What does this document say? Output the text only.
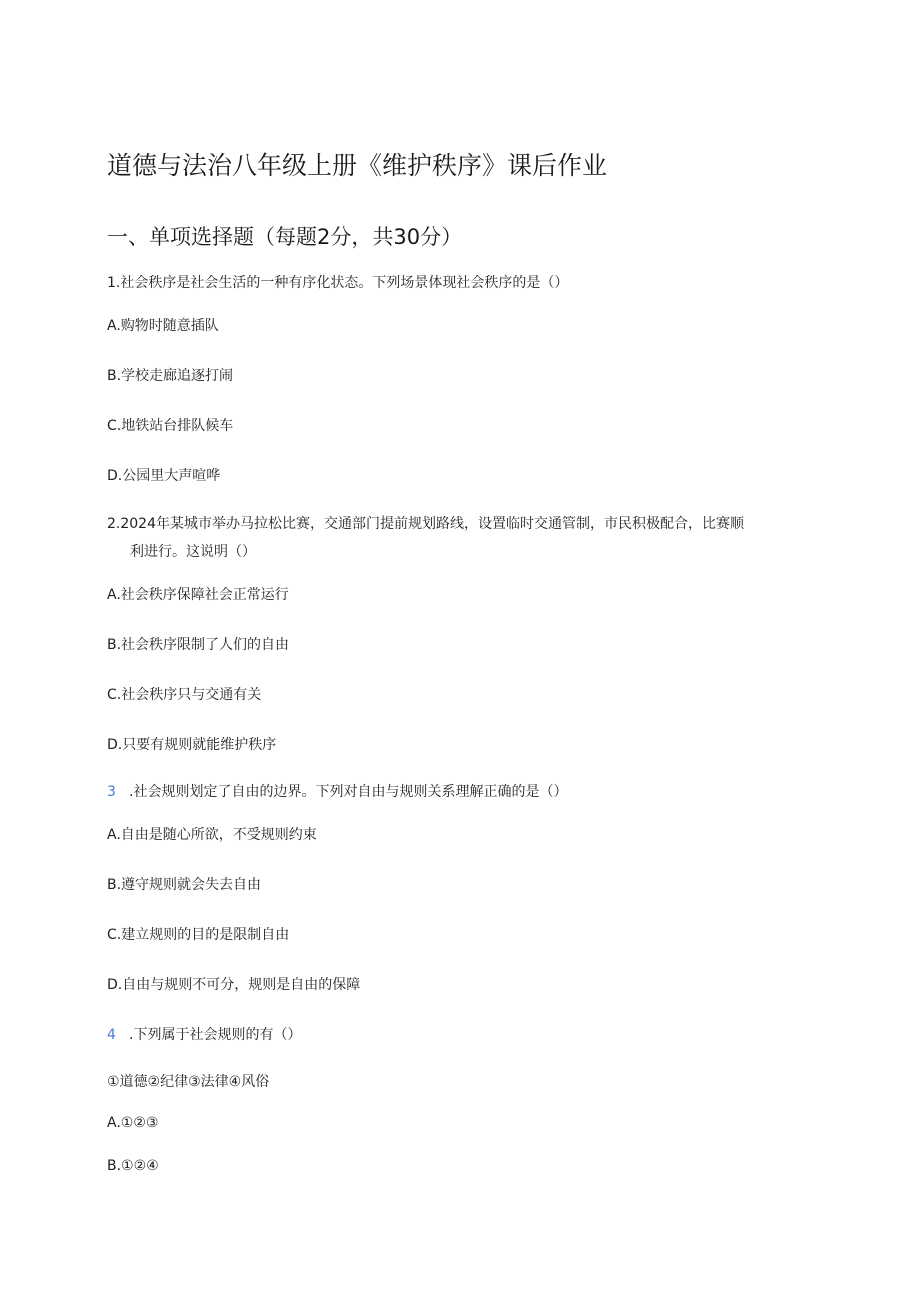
道德与法治八年级上册《维护秩序》课后作业
一、单项选择题（每题2分，共30分）
1.社会秩序是社会生活的一种有序化状态。下列场景体现社会秩序的是（）
A.购物时随意插队
B.学校走廊追逐打闹
C.地铁站台排队候车
D.公园里大声喧哗
2.2024年某城市举办马拉松比赛，交通部门提前规划路线，设置临时交通管制，市民积极配合，比赛顺
利进行。这说明（）
A.社会秩序保障社会正常运行
B.社会秩序限制了人们的自由
C.社会秩序只与交通有关
D.只要有规则就能维护秩序
3 .社会规则划定了自由的边界。下列对自由与规则关系理解正确的是（）
A.自由是随心所欲，不受规则约束
B.遵守规则就会失去自由
C.建立规则的目的是限制自由
D.自由与规则不可分，规则是自由的保障
4 .下列属于社会规则的有（）
①道德②纪律③法律④风俗
A.①②③
B.①②④
